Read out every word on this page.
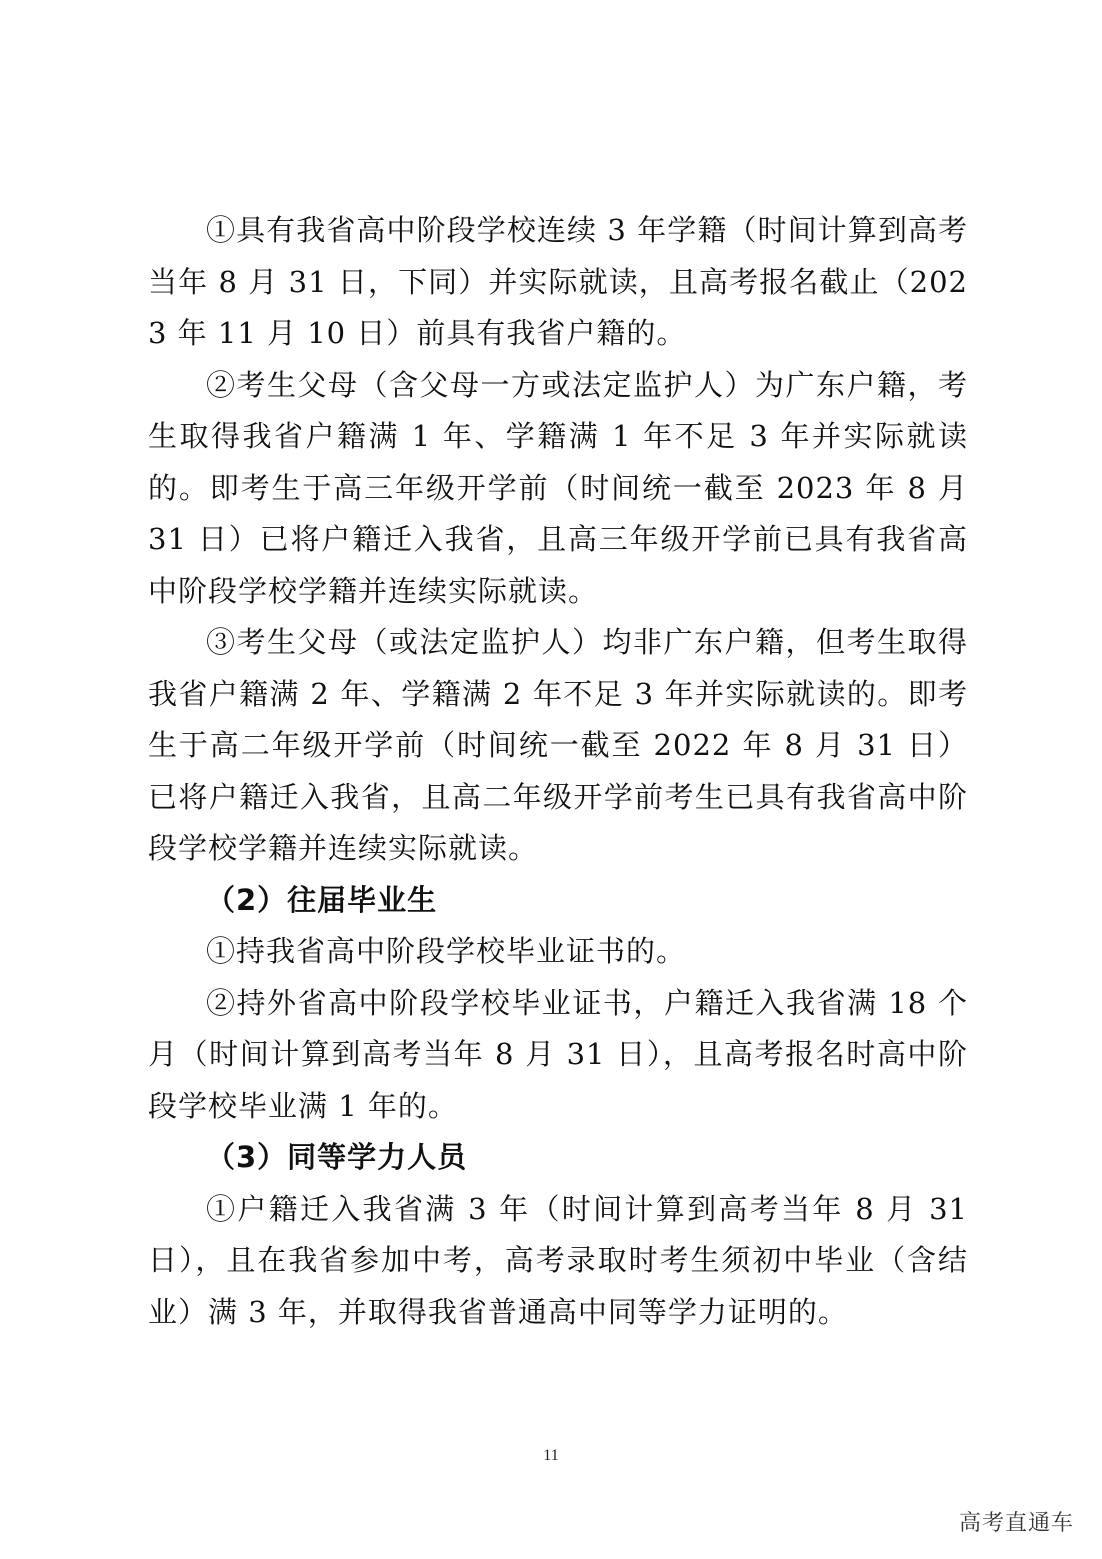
①具有我省高中阶段学校连续 3 年学籍（时间计算到高考当年 8 月 31 日，下同）并实际就读，且高考报名截止（2023 年 11 月 10 日）前具有我省户籍的。

②考生父母（含父母一方或法定监护人）为广东户籍，考生取得我省户籍满 1 年、学籍满 1 年不足 3 年并实际就读的。即考生于高三年级开学前（时间统一截至 2023 年 8 月 31 日）已将户籍迁入我省，且高三年级开学前已具有我省高中阶段学校学籍并连续实际就读。

③考生父母（或法定监护人）均非广东户籍，但考生取得我省户籍满 2 年、学籍满 2 年不足 3 年并实际就读的。即考生于高二年级开学前（时间统一截至 2022 年 8 月 31 日）已将户籍迁入我省，且高二年级开学前考生已具有我省高中阶段学校学籍并连续实际就读。

（2）往届毕业生

①持我省高中阶段学校毕业证书的。

②持外省高中阶段学校毕业证书，户籍迁入我省满 18 个月（时间计算到高考当年 8 月 31 日），且高考报名时高中阶段学校毕业满 1 年的。

（3）同等学力人员

①户籍迁入我省满 3 年（时间计算到高考当年 8 月 31 日），且在我省参加中考，高考录取时考生须初中毕业（含结业）满 3 年，并取得我省普通高中同等学力证明的。

11
高考直通车
